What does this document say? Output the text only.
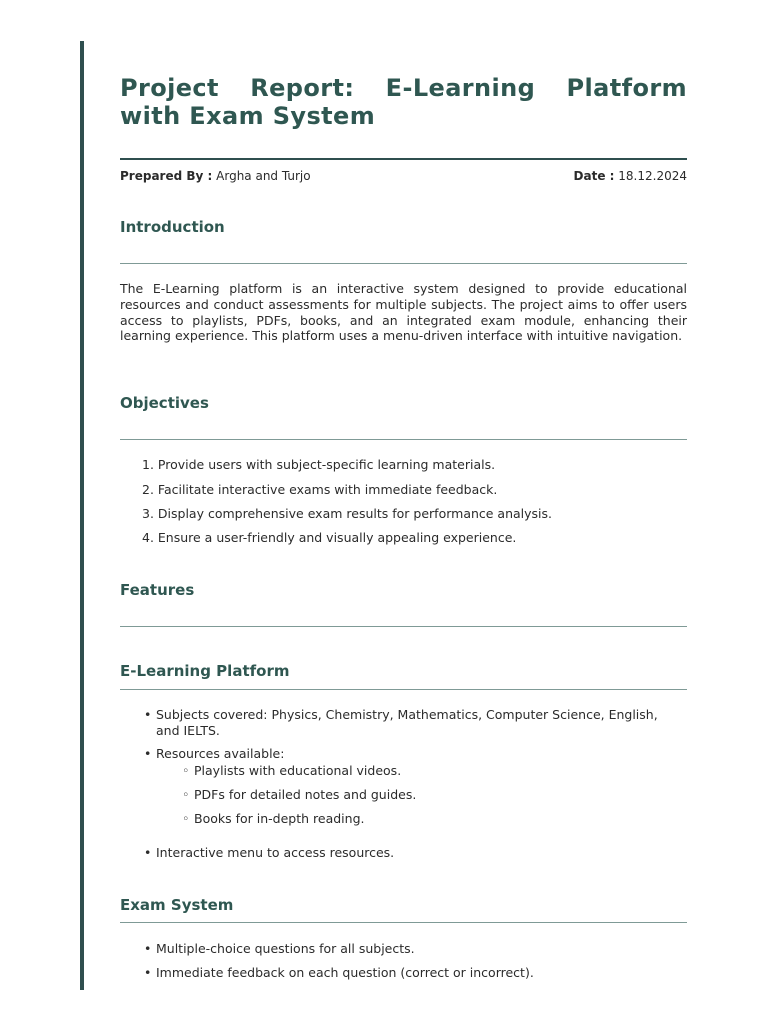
Project Report: E-Learning Platform with Exam System
Prepared By : Argha and Turjo	Date : 18.12.2024
Introduction

The E-Learning platform is an interactive system designed to provide educational resources and conduct assessments for multiple subjects. The project aims to offer users access to playlists, PDFs, books, and an integrated exam module, enhancing their learning experience. This platform uses a menu-driven interface with intuitive navigation.

Objectives
1. Provide users with subject-specific learning materials.
2. Facilitate interactive exams with immediate feedback.
3. Display comprehensive exam results for performance analysis.
4. Ensure a user-friendly and visually appealing experience.
Features
E-Learning Platform
• Subjects covered: Physics, Chemistry, Mathematics, Computer Science, English,
and IELTS.
• Resources available:
◦ Playlists with educational videos.
◦ PDFs for detailed notes and guides.
◦ Books for in-depth reading.
• Interactive menu to access resources.
Exam System
• Multiple-choice questions for all subjects.
• Immediate feedback on each question (correct or incorrect).
